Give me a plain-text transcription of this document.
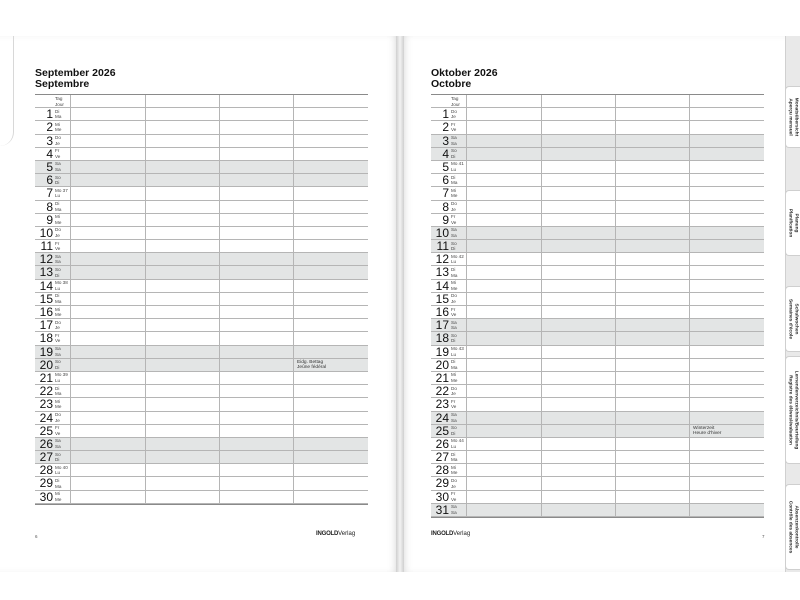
Monatsübersicht
Aperçu mensuel
Planung
Planification
Schulwochen
Semaines d'école
Lernendenverzeichnis/Beurteilung
Registre des élèves/évaluation
Absenzenkontrolle
Contrôle des absences
September 2026
Septembre
Tag
Jour
1 Di
Ma
2 Mi
Me
3 Do
Je
4 Fr
Ve
5 Sa
Sa
6 So
Di
7 Mo 37
Lu
8 Di
Ma
9 Mi
Me
10 Do
Je
11 Fr
Ve
12 Sa
Sa
13 So
Di
14 Mo 38
Lu
15 Di
Ma
16 Mi
Me
17 Do
Je
18 Fr
Ve
19 Sa
Sa
20 So
Di
Eidg. Bettag
Jeûne fédéral
21 Mo 39
Lu
22 Di
Ma
23 Mi
Me
24 Do
Je
25 Fr
Ve
26 Sa
Sa
27 So
Di
28 Mo 40
Lu
29 Di
Ma
30 Mi
Me
Oktober 2026
Octobre
Tag
Jour
1 Do
Je
2 Fr
Ve
3 Sa
Sa
4 So
Di
5 Mo 41
Lu
6 Di
Ma
7 Mi
Me
8 Do
Je
9 Fr
Ve
10 Sa
Sa
11 So
Di
12 Mo 42
Lu
13 Di
Ma
14 Mi
Me
15 Do
Je
16 Fr
Ve
17 Sa
Sa
18 So
Di
19 Mo 43
Lu
20 Di
Ma
21 Mi
Me
22 Do
Je
23 Fr
Ve
24 Sa
Sa
25 So
Di
Winterzeit
Heure d'hiver
26 Mo 44
Lu
27 Di
Ma
28 Mi
Me
29 Do
Je
30 Fr
Ve
31 Sa
Sa
6	INGOLDVerlag	7
INGOLDVerlag
